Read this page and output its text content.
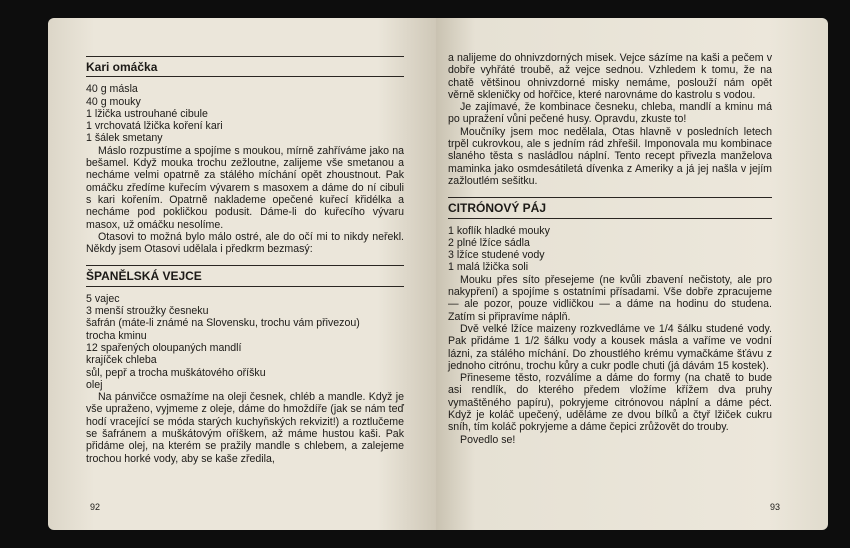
Kari omáčka
40 g másla
40 g mouky
1 lžička ustrouhané cibule
1 vrchovatá lžička koření kari
1 šálek smetany

Máslo rozpustíme a spojíme s moukou, mírně zahříváme jako na bešamel. Když mouka trochu zežloutne, zalijeme vše smetanou a necháme velmi opatrně za stálého míchání opět zhoustnout. Pak omáčku zředíme kuřecím vývarem s masoxem a dáme do ní cibuli s kari kořením. Opatrně naklademe opečené kuřecí křidélka a necháme pod pokličkou podusit. Dáme-li do kuřecího vývaru masox, už omáčku nesolíme.

Otasovi to možná bylo málo ostré, ale do očí mi to nikdy neřekl. Někdy jsem Otasovi udělala i předkrm bezmasý:

ŠPANĚLSKÁ VEJCE
5 vajec
3 menší stroužky česneku
šafrán (máte-li známé na Slovensku, trochu vám přivezou)
trocha kminu
12 spařených oloupaných mandlí
krajíček chleba
sůl, pepř a trocha muškátového oříšku
olej

Na pánvičce osmažíme na oleji česnek, chléb a mandle. Když je vše upraženo, vyjmeme z oleje, dáme do hmoždíře (jak se nám teď hodí vracející se móda starých kuchyňských rekvizit!) a roztlučeme se šafránem a muškátovým oříškem, až máme hustou kaši. Pak přidáme olej, na kterém se pražily mandle s chlebem, a zalejeme trochou horké vody, aby se kaše zředila,

92

a nalijeme do ohnivzdorných misek. Vejce sázíme na kaši a pečem v dobře vyhřáté troubě, až vejce sednou. Vzhledem k tomu, že na chatě většinou ohnivzdorné misky nemáme, poslouží nám opět věrně skleničky od hořčice, které narovnáme do kastrolu s vodou.

Je zajímavé, že kombinace česneku, chleba, mandlí a kminu má po upražení vůni pečené husy. Opravdu, zkuste to!

Moučníky jsem moc nedělala, Otas hlavně v posledních letech trpěl cukrovkou, ale s jedním rád zhřešil. Imponovala mu kombinace slaného těsta s nasládlou náplní. Tento recept přivezla manželova maminka jako osmdesátiletá dívenka z Ameriky a já jej našla v jejím zažloutlém sešitku.

CITRÓNOVÝ PÁJ
1 koflík hladké mouky
2 plné lžíce sádla
3 lžíce studené vody
1 malá lžička soli

Mouku přes síto přesejeme (ne kvůli zbavení nečistoty, ale pro nakypření) a spojíme s ostatními přísadami. Vše dobře zpracujeme — ale pozor, pouze vidličkou — a dáme na hodinu do studena. Zatím si připravíme náplň.

Dvě velké lžíce maizeny rozkvedláme ve 1/4 šálku studené vody. Pak přidáme 1 1/2 šálku vody a kousek másla a vaříme ve vodní lázni, za stálého míchání. Do zhoustlého krému vymačkáme šťávu z jednoho citrónu, trochu kůry a cukr podle chuti (já dávám 15 kostek).

Přineseme těsto, rozválíme a dáme do formy (na chatě to bude asi rendlík, do kterého předem vložíme křížem dva pruhy vymaštěného papíru), pokryjeme citrónovou náplní a dáme péct. Když je koláč upečený, uděláme ze dvou bílků a čtyř lžiček cukru sníh, tím koláč pokryjeme a dáme čepici zrůžovět do trouby.

Povedlo se!

93
